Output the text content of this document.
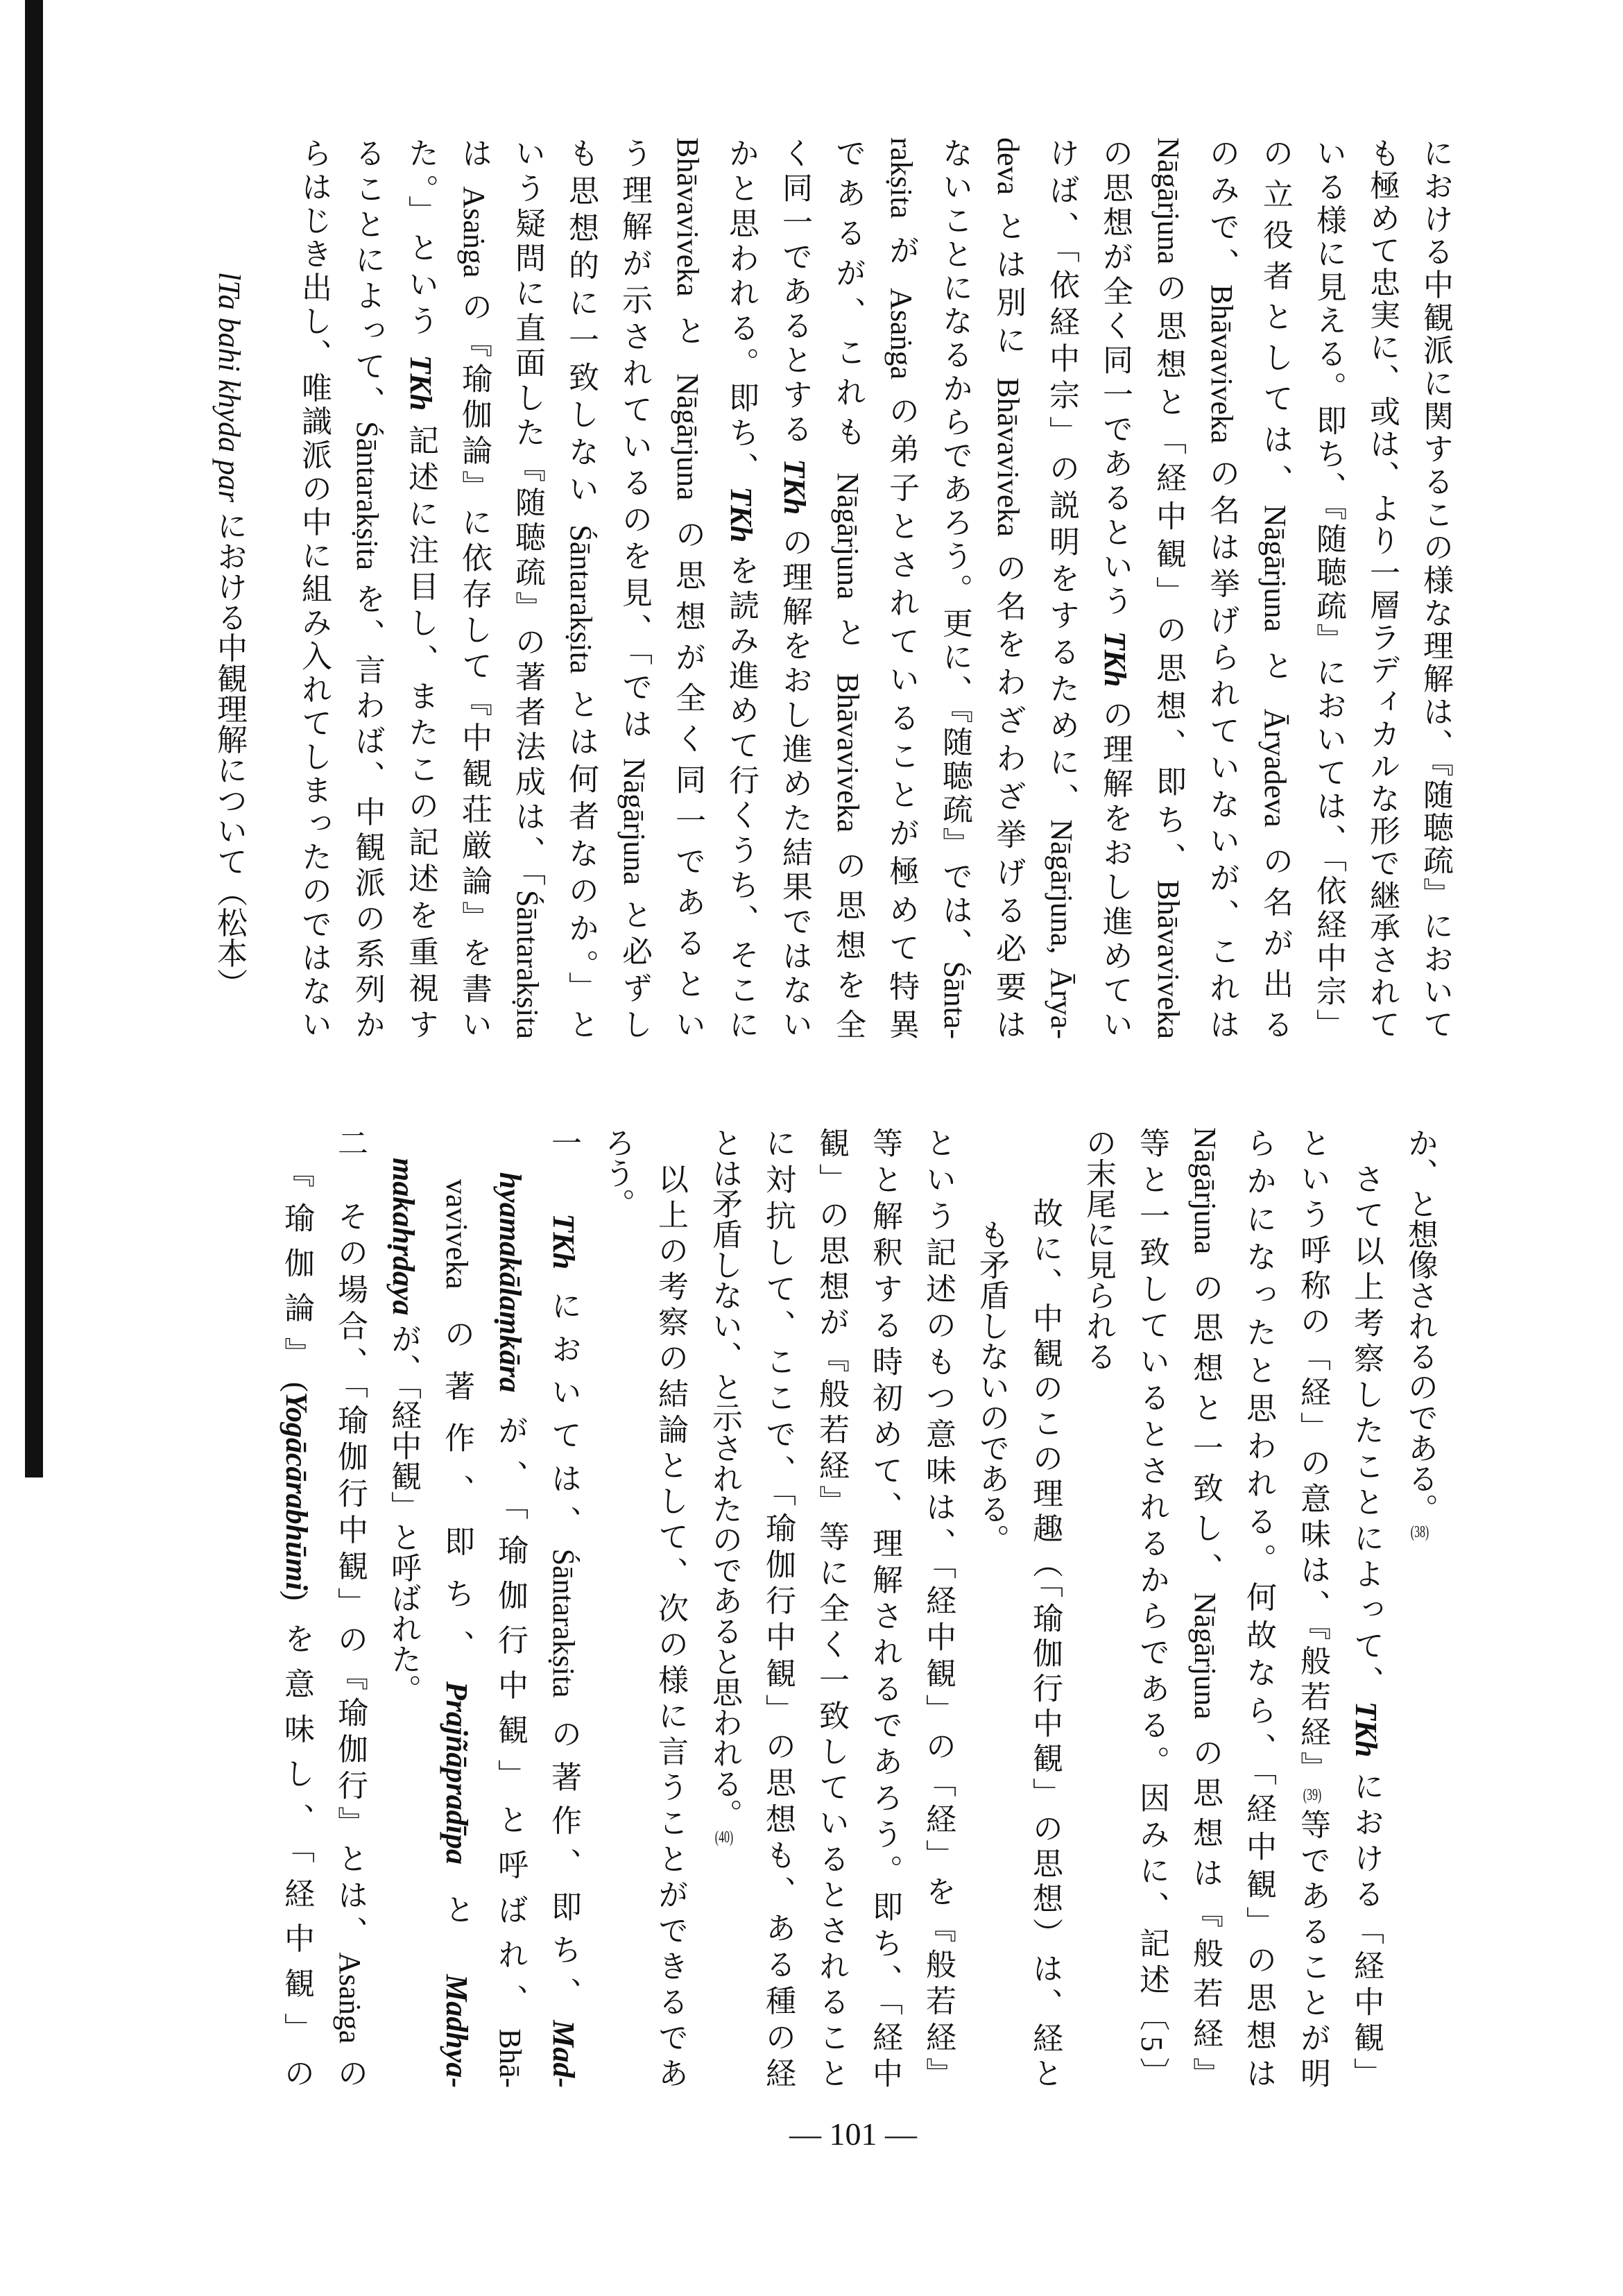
における中観派に関するこの様な理解は、『随聴疏』において
も極めて忠実に、或は、より一層ラディカルな形で継承されて
いる様に見える。即ち、『随聴疏』においては、「依経中宗」
の立役者としては、Nāgārjuna と Āryadeva の名が出る
のみで、Bhāvaviveka の名は挙げられていないが、これは
Nāgārjunaの思想と「経中観」の思想、即ち、Bhāvaviveka
の思想が全く同一であるという TKh の理解をおし進めてい
けば、「依経中宗」の説明をするために、Nāgārjuna, Ārya-
deva とは別に Bhāvaviveka の名をわざわざ挙げる必要は
ないことになるからであろう。更に、『随聴疏』では、Śānta-
rakṣita が Asaṅga の弟子とされていることが極めて特異
であるが、これも Nāgārjuna と Bhāvaviveka の思想を全
く同一であるとする TKh の理解をおし進めた結果ではない
かと思われる。即ち、TKh を読み進めて行くうち、そこに
Bhāvaviveka と Nāgārjuna の思想が全く同一であるとい
う理解が示されているのを見、「では Nāgārjuna と必ずし
も思想的に一致しない Śāntarakṣita とは何者なのか。」と
いう疑問に直面した『随聴疏』の著者法成は、「Śāntarakṣita
は Asaṅga の『瑜伽論』に依存して『中観荘厳論』を書い
た。」という TKh 記述に注目し、またこの記述を重視す
ることによって、Śāntarakṣita を、言わば、中観派の系列か
らはじき出し、唯識派の中に組み入れてしまったのではない
か、と想像されるのである。(38)
　さて以上考察したことによって、TKh における「経中観」
という呼称の「経」の意味は、『般若経』(39)等であることが明
らかになったと思われる。何故なら、「経中観」の思想は
Nāgārjuna の思想と一致し、Nāgārjuna の思想は『般若経』
等と一致しているとされるからである。因みに、記述〔5〕
の末尾に見られる
　　故に、中観のこの理趣（「瑜伽行中観」の思想）は、経と
　　　も矛盾しないのである。
という記述のもつ意味は、「経中観」の「経」を『般若経』
等と解釈する時初めて、理解されるであろう。即ち、「経中
観」の思想が『般若経』等に全く一致しているとされること
に対抗して、ここで、「瑜伽行中観」の思想も、ある種の経
とは矛盾しない、と示されたのであると思われる。(40)
　以上の考察の結論として、次の様に言うことができるであ
ろう。
一　TKh においては、Śāntarakṣita の著作、即ち、Mad-
　hyamakālaṃkāra が、「瑜伽行中観」と呼ばれ、Bhā-
　vaviveka の著作、即ち、Prajñāpradīpa と Madhya-
　makahṛdaya が、「経中観」と呼ばれた。
二　その場合、「瑜伽行中観」の『瑜伽行』とは、Asaṅga の
　『瑜伽論』(Yogācārabhūmi) を意味し、「経中観」の
lTa bahi khyda par における中観理解について（松本）
— 101 —
